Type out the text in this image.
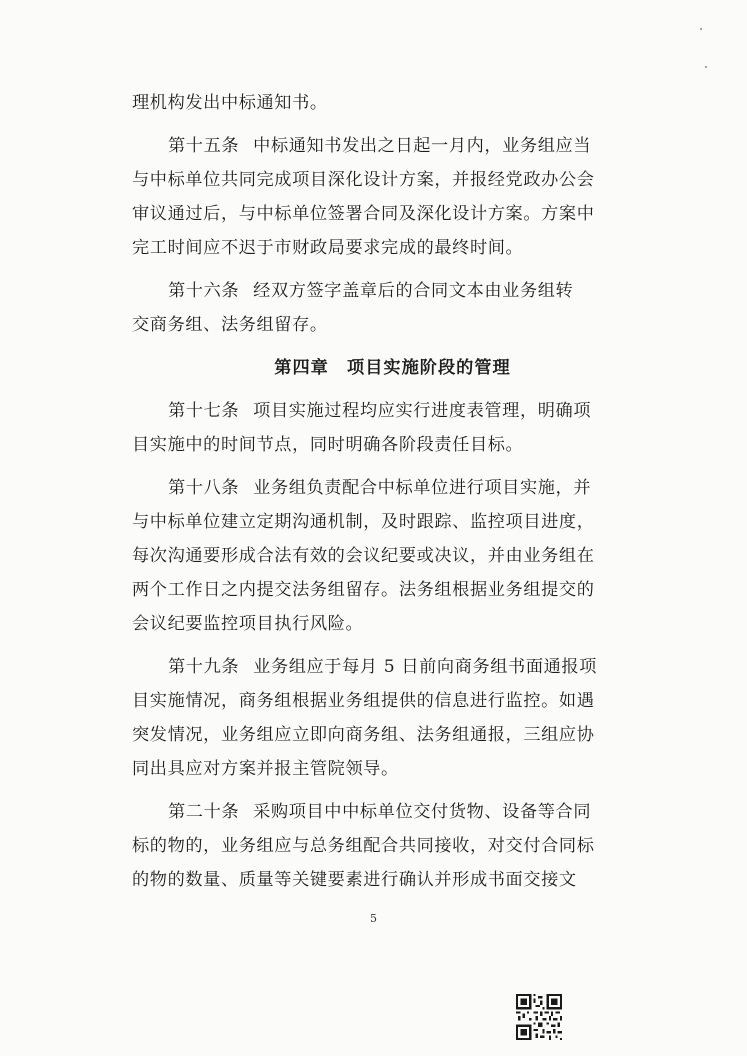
理机构发出中标通知书。
第十五条 中标通知书发出之日起一月内，业务组应当
与中标单位共同完成项目深化设计方案，并报经党政办公会
审议通过后，与中标单位签署合同及深化设计方案。方案中
完工时间应不迟于市财政局要求完成的最终时间。
第十六条 经双方签字盖章后的合同文本由业务组转
交商务组、法务组留存。
第四章　项目实施阶段的管理
第十七条 项目实施过程均应实行进度表管理，明确项
目实施中的时间节点，同时明确各阶段责任目标。
第十八条 业务组负责配合中标单位进行项目实施，并
与中标单位建立定期沟通机制，及时跟踪、监控项目进度，
每次沟通要形成合法有效的会议纪要或决议，并由业务组在
两个工作日之内提交法务组留存。法务组根据业务组提交的
会议纪要监控项目执行风险。
第十九条 业务组应于每月 5 日前向商务组书面通报项
目实施情况，商务组根据业务组提供的信息进行监控。如遇
突发情况，业务组应立即向商务组、法务组通报，三组应协
同出具应对方案并报主管院领导。
第二十条 采购项目中中标单位交付货物、设备等合同
标的物的，业务组应与总务组配合共同接收，对交付合同标
的物的数量、质量等关键要素进行确认并形成书面交接文
5
